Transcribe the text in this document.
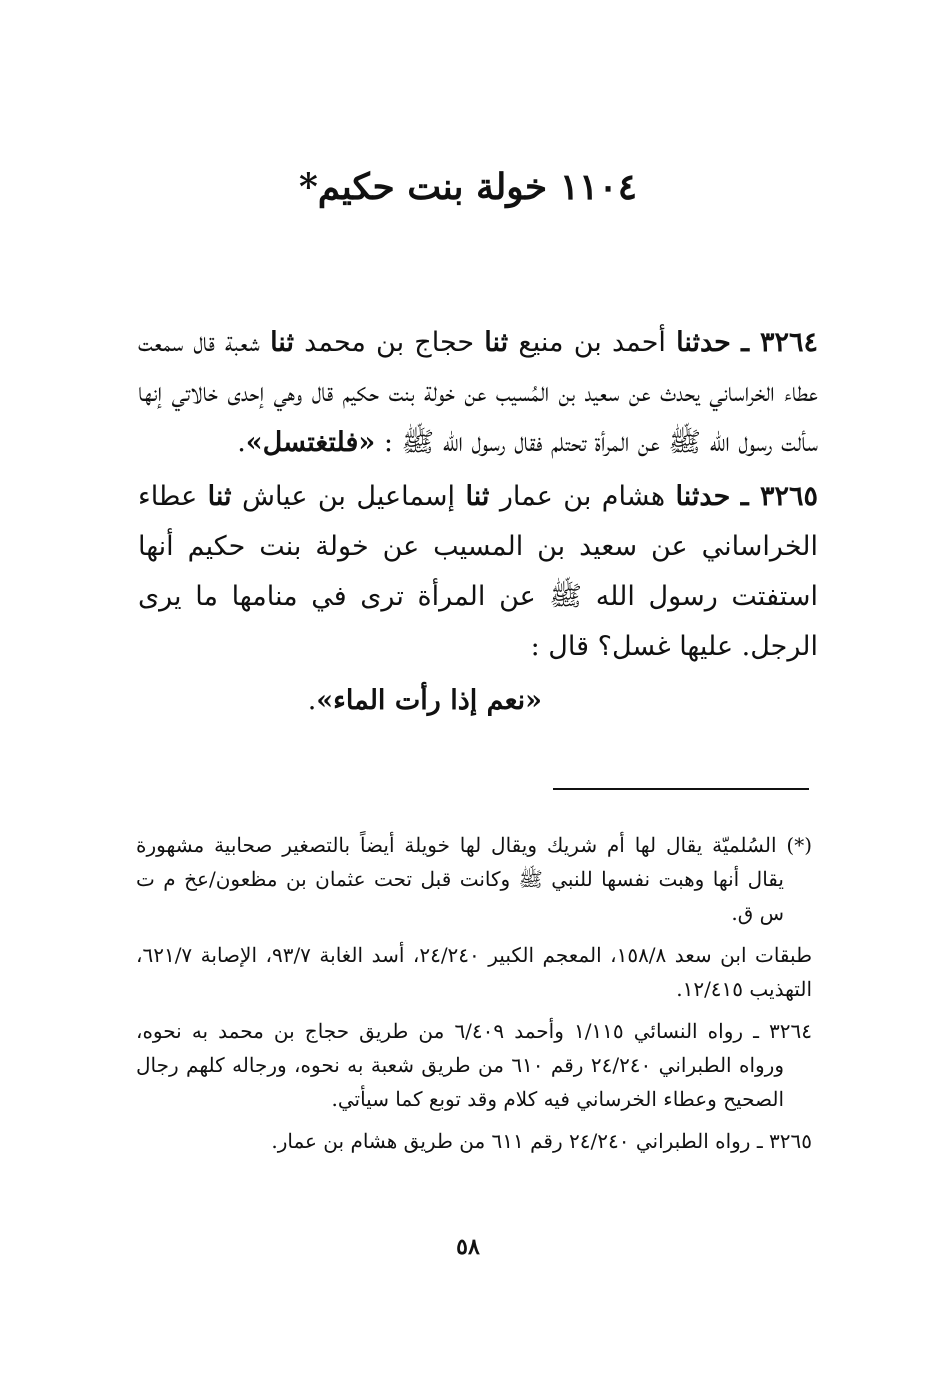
١١٠٤ خولة بنت حكيم*

٣٢٦٤ ـ حدثنا أحمد بن منيع ثنا حجاج بن محمد ثنا شعبة قال سمعت عطاء الخراساني يحدث عن سعيد بن المُسيب عن خولة بنت حكيم قال وهي إحدى خالاتي إنها سألت رسول الله ﷺ عن المرأة تحتلم فقال رسول الله ﷺ : «فلتغتسل».

٣٢٦٥ ـ حدثنا هشام بن عمار ثنا إسماعيل بن عياش ثنا عطاء الخراساني عن سعيد بن المسيب عن خولة بنت حكيم أنها استفتت رسول الله ﷺ عن المرأة ترى في منامها ما يرى الرجل. عليها غسل؟ قال :

«نعم إذا رأت الماء».

(*) السُلميّة يقال لها أم شريك ويقال لها خويلة أيضاً بالتصغير صحابية مشهورة يقال أنها وهبت نفسها للنبي ﷺ وكانت قبل تحت عثمان بن مظعون/عخ م ت س ق.

طبقات ابن سعد ١٥٨/٨، المعجم الكبير ٢٤/٢٤٠، أسد الغابة ٩٣/٧، الإصابة ٦٢١/٧، التهذيب ١٢/٤١٥.

٣٢٦٤ ـ رواه النسائي ١/١١٥ وأحمد ٦/٤٠٩ من طريق حجاج بن محمد به نحوه، ورواه الطبراني ٢٤/٢٤٠ رقم ٦١٠ من طريق شعبة به نحوه، ورجاله كلهم رجال الصحيح وعطاء الخرساني فيه كلام وقد توبع كما سيأتي.

٣٢٦٥ ـ رواه الطبراني ٢٤/٢٤٠ رقم ٦١١ من طريق هشام بن عمار.

٥٨
